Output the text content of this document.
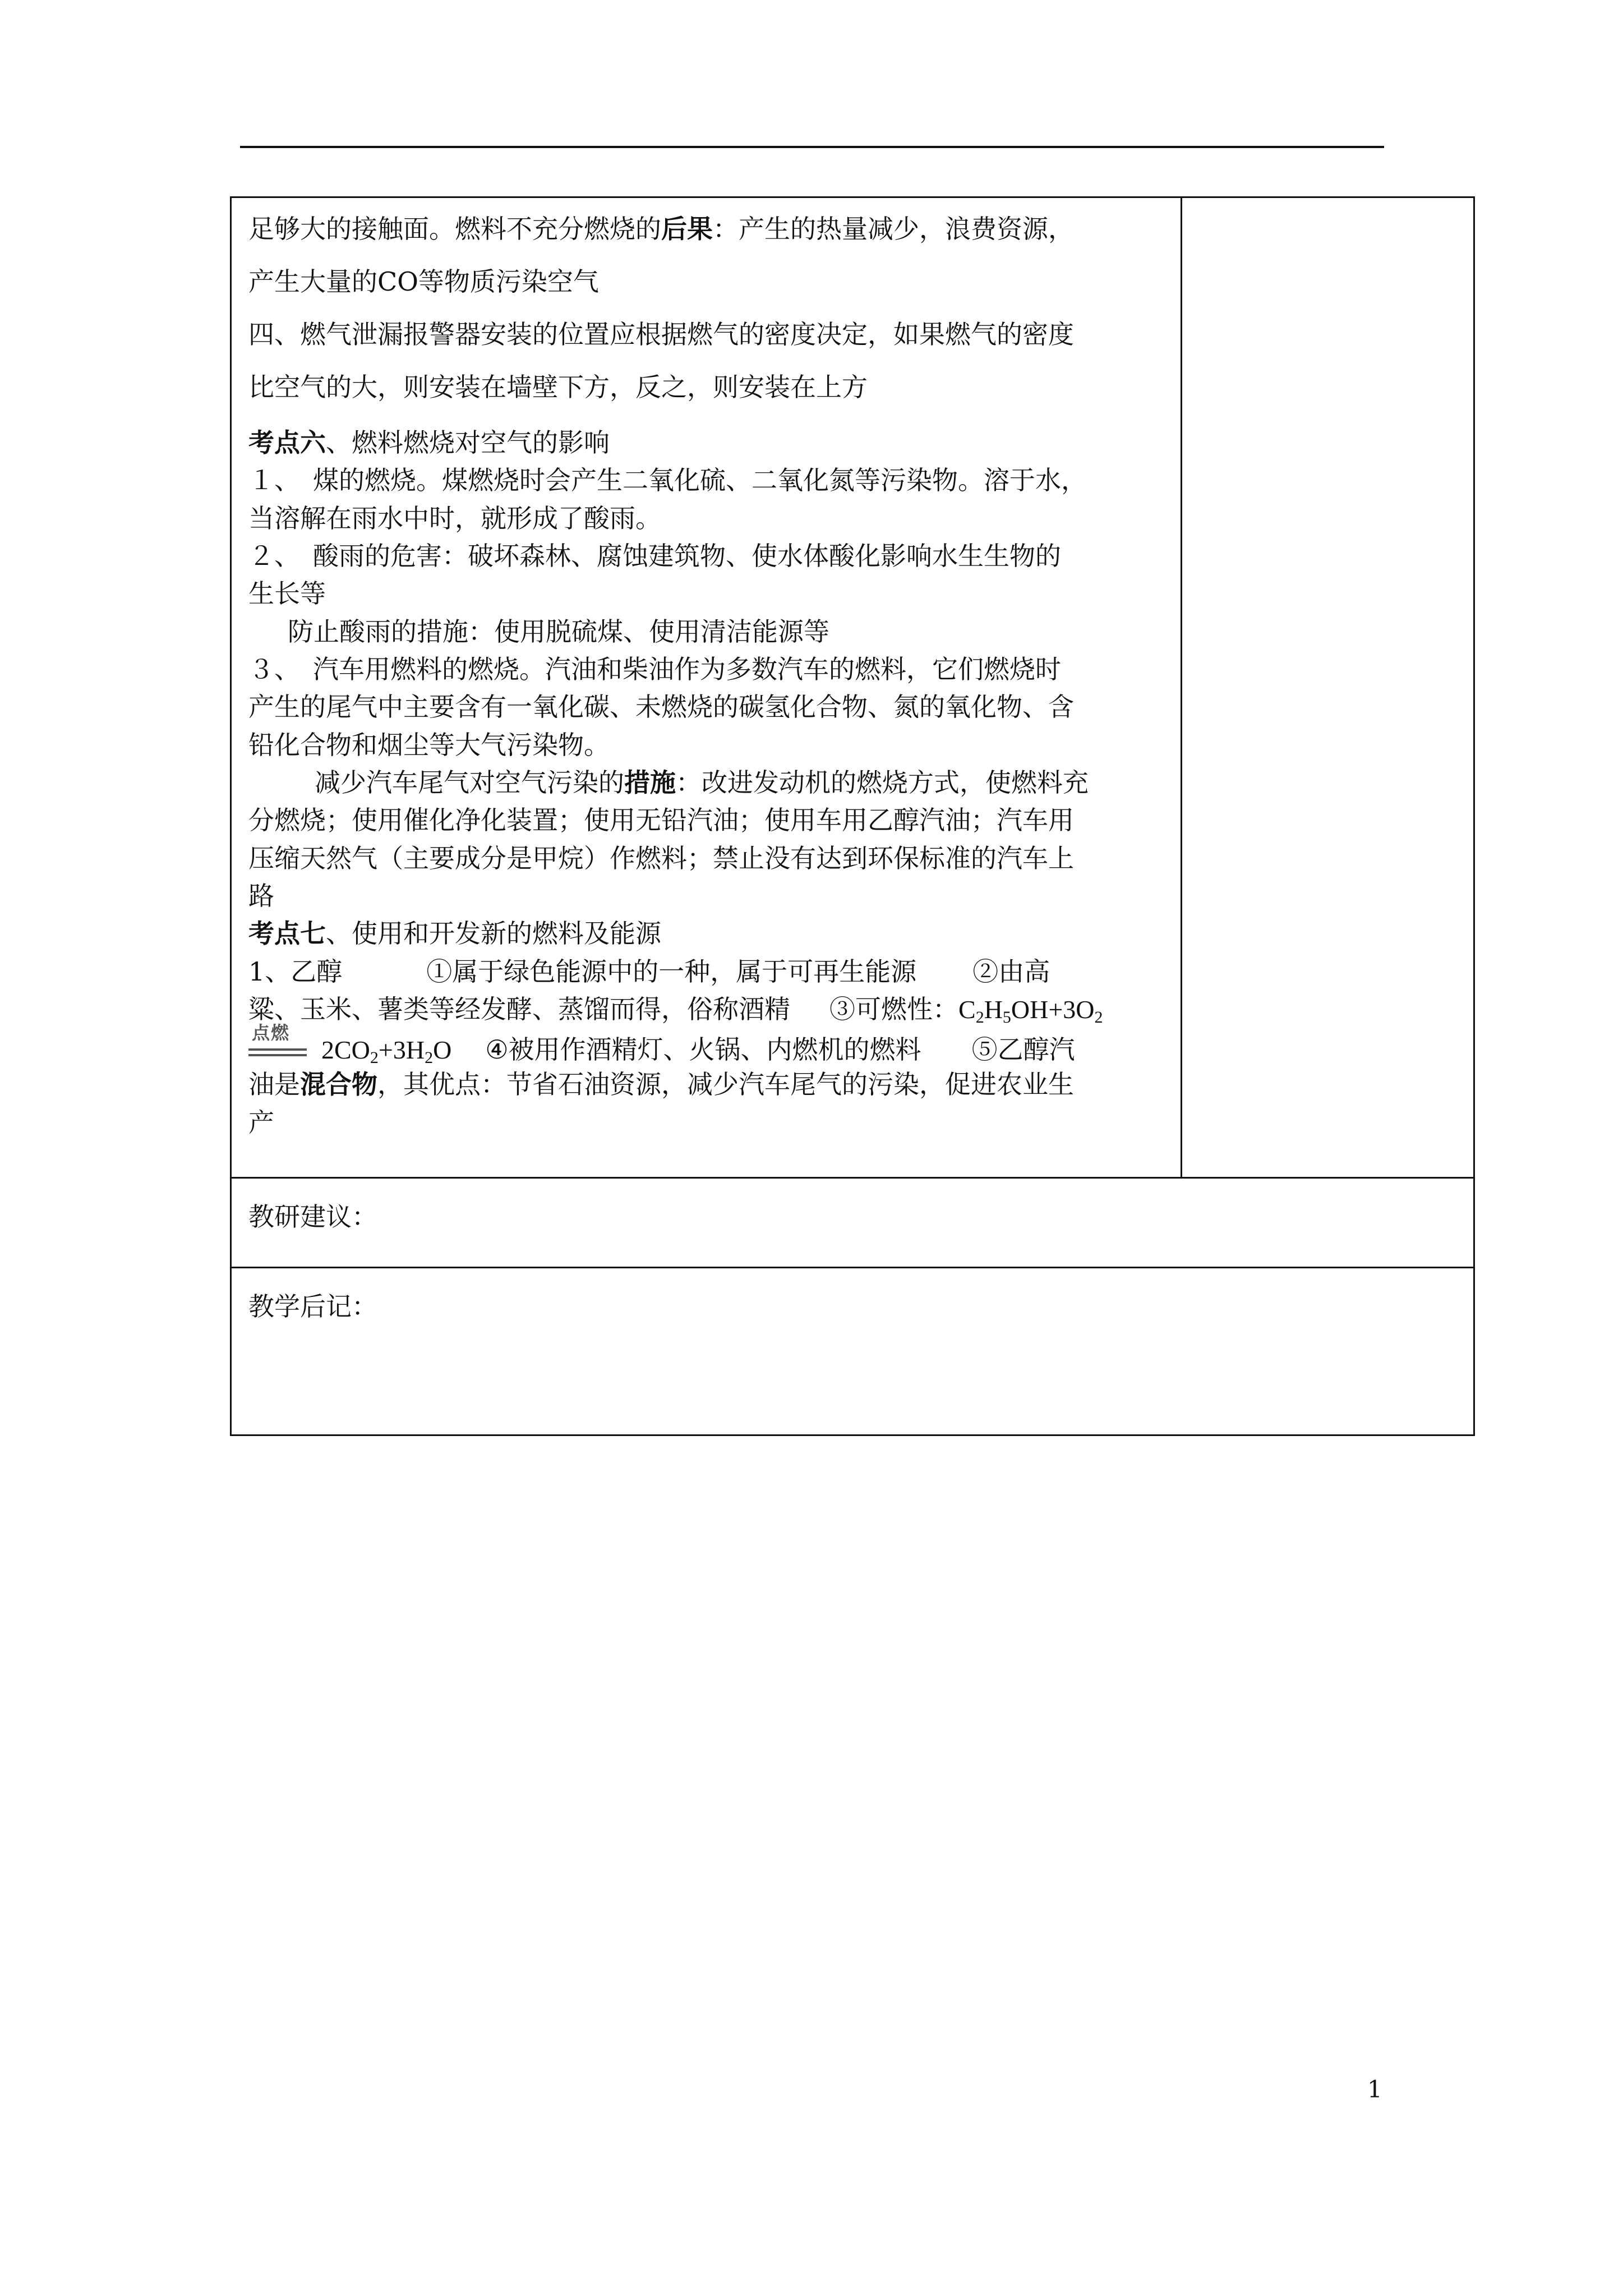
足够大的接触面。燃料不充分燃烧的后果：产生的热量减少，浪费资源，
产生大量的CO等物质污染空气
四、燃气泄漏报警器安装的位置应根据燃气的密度决定，如果燃气的密度
比空气的大，则安装在墙壁下方，反之，则安装在上方
考点六、燃料燃烧对空气的影响
１、　煤的燃烧。煤燃烧时会产生二氧化硫、二氧化氮等污染物。溶于水，
当溶解在雨水中时，就形成了酸雨。
２、　酸雨的危害：破坏森林、腐蚀建筑物、使水体酸化影响水生生物的
生长等
防止酸雨的措施：使用脱硫煤、使用清洁能源等
３、　汽车用燃料的燃烧。汽油和柴油作为多数汽车的燃料，它们燃烧时
产生的尾气中主要含有一氧化碳、未燃烧的碳氢化合物、氮的氧化物、含
铅化合物和烟尘等大气污染物。
减少汽车尾气对空气污染的措施：改进发动机的燃烧方式，使燃料充
分燃烧；使用催化净化装置；使用无铅汽油；使用车用乙醇汽油；汽车用
压缩天然气（主要成分是甲烷）作燃料；禁止没有达到环保标准的汽车上
路
考点七、使用和开发新的燃料及能源
1、乙醇	①属于绿色能源中的一种，属于可再生能源 ②由高
粱、玉米、薯类等经发酵、蒸馏而得，俗称酒精 ③可燃性：$C_2H_5OH+3O_2$
点燃
$2CO_2+3H_2O$ ④被用作酒精灯、火锅、内燃机的燃料 ⑤乙醇汽
油是混合物，其优点：节省石油资源，减少汽车尾气的污染，促进农业生
产
教研建议：
教学后记：
1
